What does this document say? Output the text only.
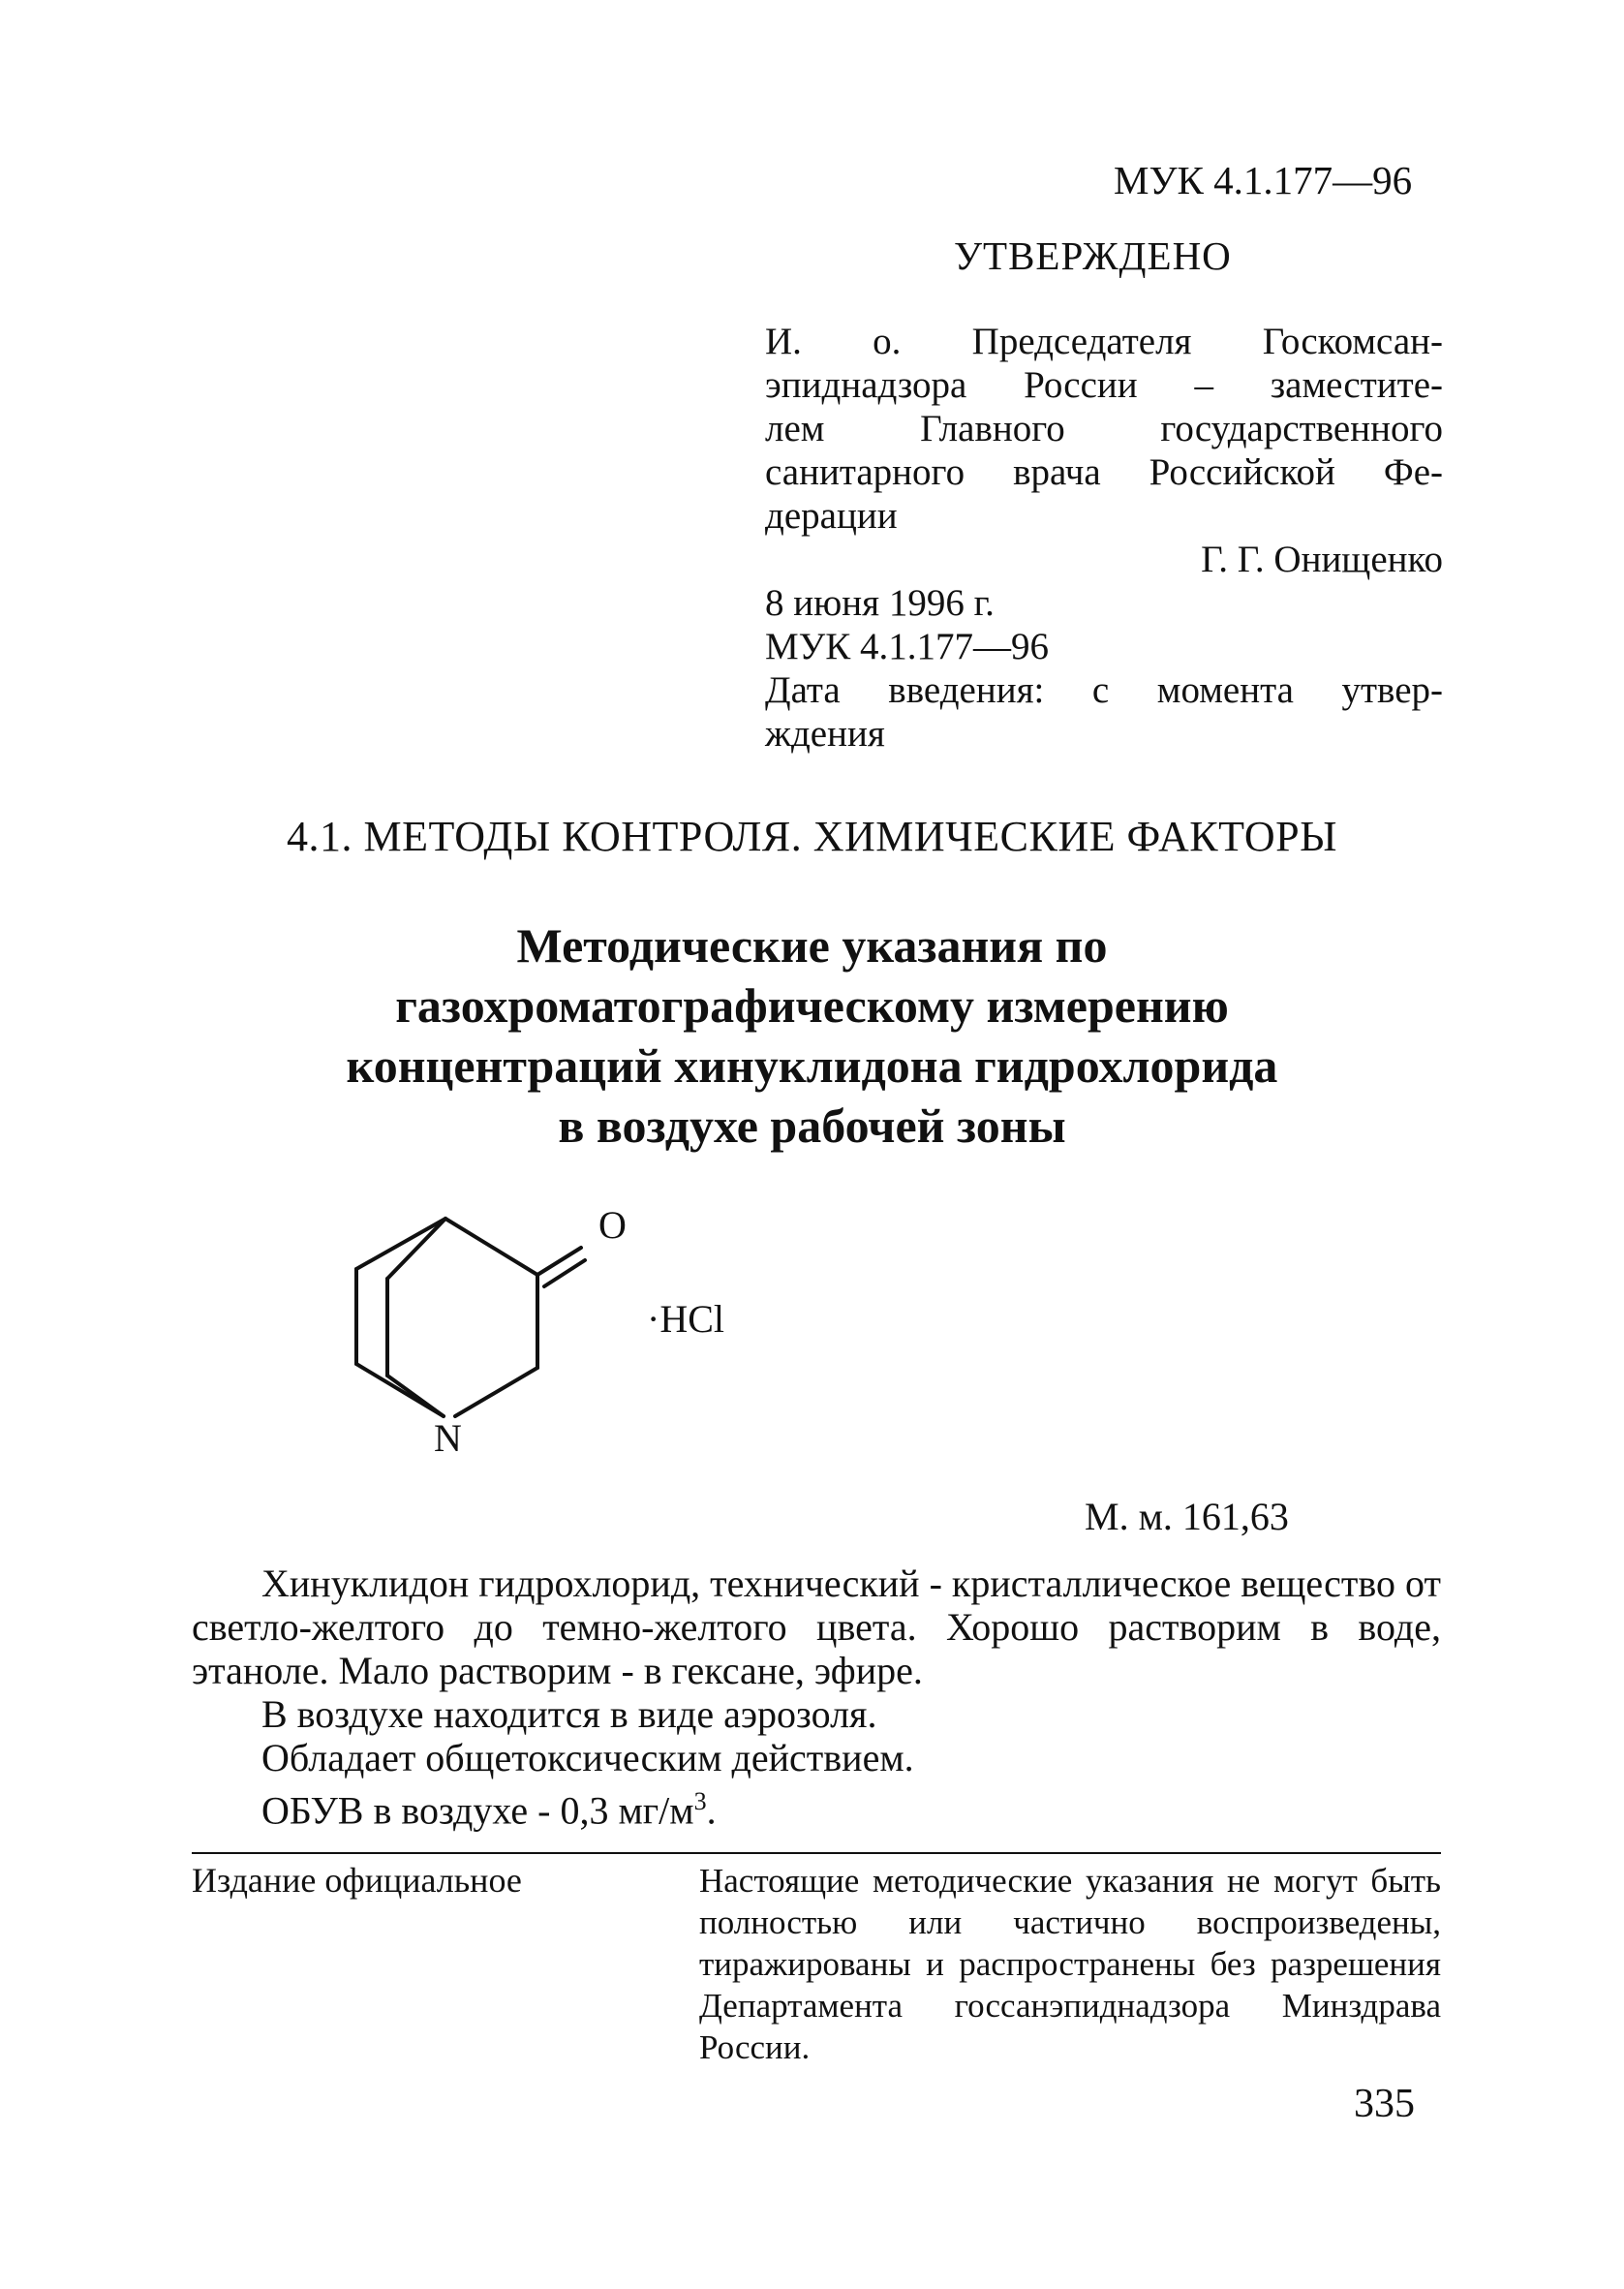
МУК 4.1.177—96
УТВЕРЖДЕНО
И. о. Председателя Госкомсан-
эпиднадзора России – заместите-
лем Главного государственного
санитарного врача Российской Фе-
дерации
Г. Г. Онищенко
8 июня 1996 г.
МУК 4.1.177—96
Дата введения: с момента утвер-
ждения
4.1. МЕТОДЫ КОНТРОЛЯ. ХИМИЧЕСКИЕ ФАКТОРЫ
Методические указания по
газохроматографическому измерению
концентраций хинуклидона гидрохлорида
в воздухе рабочей зоны
O
N
·HCl
М. м. 161,63
Хинуклидон гидрохлорид, технический - кристаллическое вещество от светло-желтого до темно-желтого цвета. Хорошо растворим в воде, этаноле. Мало растворим - в гексане, эфире.
В воздухе находится в виде аэрозоля.
Обладает общетоксическим действием.
ОБУВ в воздухе - 0,3 $мг/м^3$.
Издание официальное	Настоящие методические указания не могут быть полностью или частично воспроизведены, тиражированы и распространены без разрешения Департамента госсанэпиднадзора Минздрава России.
335
